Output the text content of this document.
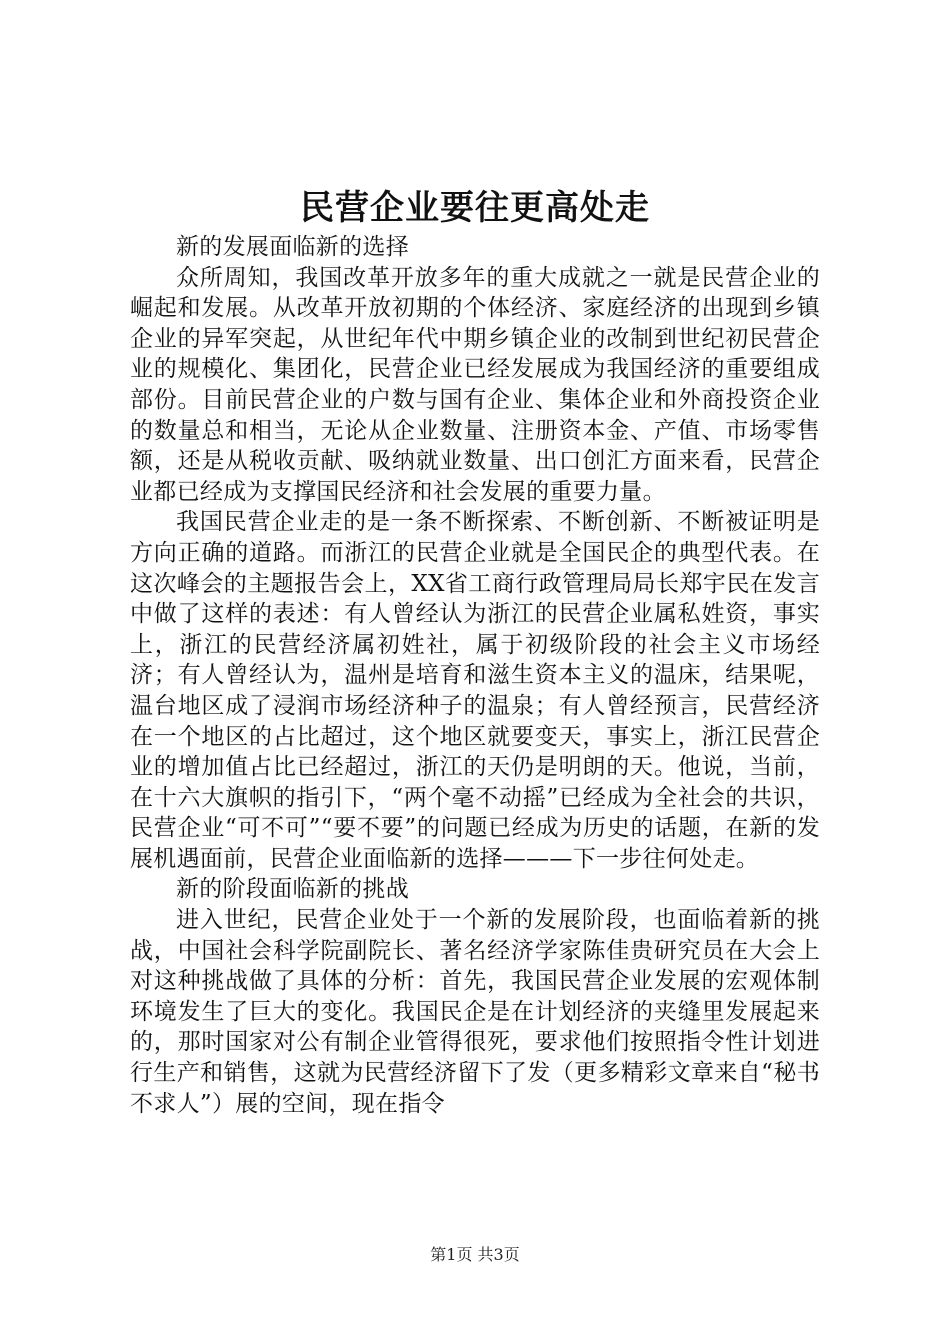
民营企业要往更高处走

新的发展面临新的选择

众所周知，我国改革开放多年的重大成就之一就是民营企业的崛起和发展。从改革开放初期的个体经济、家庭经济的出现到乡镇企业的异军突起，从世纪年代中期乡镇企业的改制到世纪初民营企业的规模化、集团化，民营企业已经发展成为我国经济的重要组成部份。目前民营企业的户数与国有企业、集体企业和外商投资企业的数量总和相当，无论从企业数量、注册资本金、产值、市场零售额，还是从税收贡献、吸纳就业数量、出口创汇方面来看，民营企业都已经成为支撑国民经济和社会发展的重要力量。

我国民营企业走的是一条不断探索、不断创新、不断被证明是方向正确的道路。而浙江的民营企业就是全国民企的典型代表。在这次峰会的主题报告会上，XX省工商行政管理局局长郑宇民在发言中做了这样的表述：有人曾经认为浙江的民营企业属私姓资，事实上，浙江的民营经济属初姓社，属于初级阶段的社会主义市场经济；有人曾经认为，温州是培育和滋生资本主义的温床，结果呢，温台地区成了浸润市场经济种子的温泉；有人曾经预言，民营经济在一个地区的占比超过，这个地区就要变天，事实上，浙江民营企业的增加值占比已经超过，浙江的天仍是明朗的天。他说，当前，在十六大旗帜的指引下，“两个毫不动摇”已经成为全社会的共识，民营企业“可不可”“要不要”的问题已经成为历史的话题，在新的发展机遇面前，民营企业面临新的选择———下一步往何处走。

新的阶段面临新的挑战

进入世纪，民营企业处于一个新的发展阶段，也面临着新的挑战，中国社会科学院副院长、著名经济学家陈佳贵研究员在大会上对这种挑战做了具体的分析：首先，我国民营企业发展的宏观体制环境发生了巨大的变化。我国民企是在计划经济的夹缝里发展起来的，那时国家对公有制企业管得很死，要求他们按照指令性计划进行生产和销售，这就为民营经济留下了发（更多精彩文章来自“秘书不求人”）展的空间，现在指令

第1页 共3页
